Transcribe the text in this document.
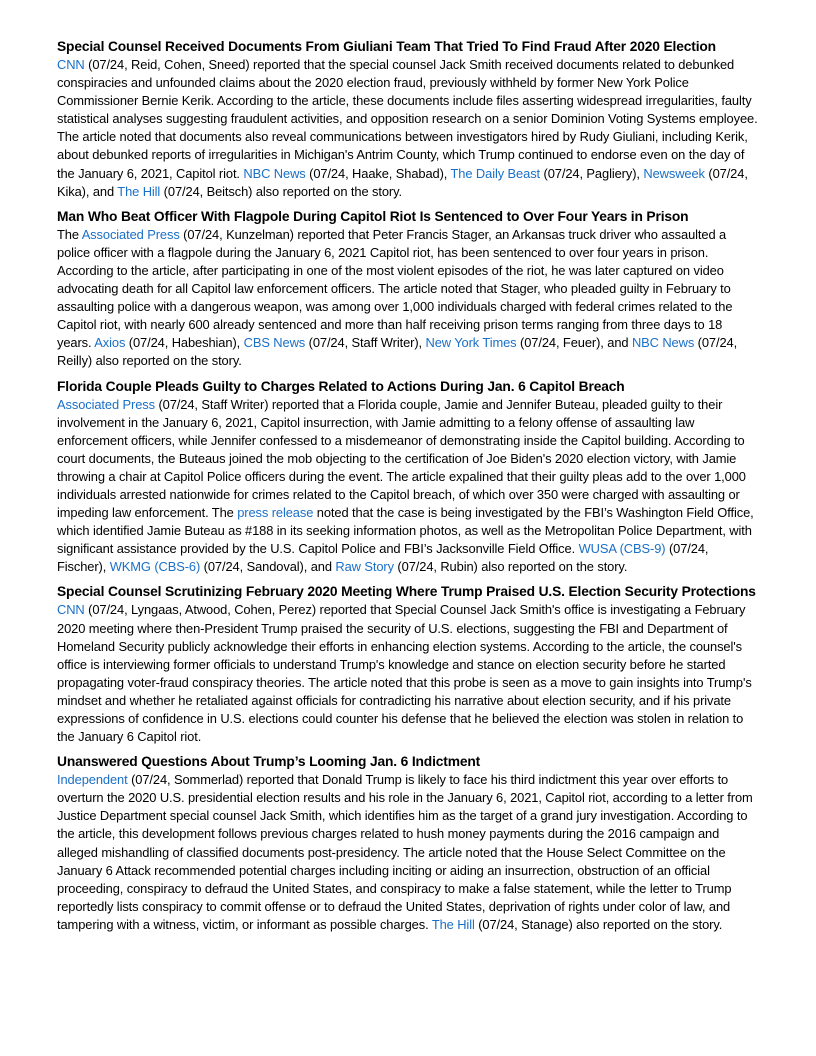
Special Counsel Received Documents From Giuliani Team That Tried To Find Fraud After 2020 Election
CNN (07/24, Reid, Cohen, Sneed) reported that the special counsel Jack Smith received documents related to debunked conspiracies and unfounded claims about the 2020 election fraud, previously withheld by former New York Police Commissioner Bernie Kerik. According to the article, these documents include files asserting widespread irregularities, faulty statistical analyses suggesting fraudulent activities, and opposition research on a senior Dominion Voting Systems employee. The article noted that documents also reveal communications between investigators hired by Rudy Giuliani, including Kerik, about debunked reports of irregularities in Michigan's Antrim County, which Trump continued to endorse even on the day of the January 6, 2021, Capitol riot. NBC News (07/24, Haake, Shabad), The Daily Beast (07/24, Pagliery), Newsweek (07/24, Kika), and The Hill (07/24, Beitsch) also reported on the story.
Man Who Beat Officer With Flagpole During Capitol Riot Is Sentenced to Over Four Years in Prison
The Associated Press (07/24, Kunzelman) reported that Peter Francis Stager, an Arkansas truck driver who assaulted a police officer with a flagpole during the January 6, 2021 Capitol riot, has been sentenced to over four years in prison. According to the article, after participating in one of the most violent episodes of the riot, he was later captured on video advocating death for all Capitol law enforcement officers. The article noted that Stager, who pleaded guilty in February to assaulting police with a dangerous weapon, was among over 1,000 individuals charged with federal crimes related to the Capitol riot, with nearly 600 already sentenced and more than half receiving prison terms ranging from three days to 18 years. Axios (07/24, Habeshian), CBS News (07/24, Staff Writer), New York Times (07/24, Feuer), and NBC News (07/24, Reilly) also reported on the story.
Florida Couple Pleads Guilty to Charges Related to Actions During Jan. 6 Capitol Breach
Associated Press (07/24, Staff Writer) reported that a Florida couple, Jamie and Jennifer Buteau, pleaded guilty to their involvement in the January 6, 2021, Capitol insurrection, with Jamie admitting to a felony offense of assaulting law enforcement officers, while Jennifer confessed to a misdemeanor of demonstrating inside the Capitol building. According to court documents, the Buteaus joined the mob objecting to the certification of Joe Biden's 2020 election victory, with Jamie throwing a chair at Capitol Police officers during the event. The article expalined that their guilty pleas add to the over 1,000 individuals arrested nationwide for crimes related to the Capitol breach, of which over 350 were charged with assaulting or impeding law enforcement. The press release noted that the case is being investigated by the FBI’s Washington Field Office, which identified Jamie Buteau as #188 in its seeking information photos, as well as the Metropolitan Police Department, with significant assistance provided by the U.S. Capitol Police and FBI’s Jacksonville Field Office. WUSA (CBS-9) (07/24, Fischer), WKMG (CBS-6) (07/24, Sandoval), and Raw Story (07/24, Rubin) also reported on the story.
Special Counsel Scrutinizing February 2020 Meeting Where Trump Praised U.S. Election Security Protections
CNN (07/24, Lyngaas, Atwood, Cohen, Perez) reported that Special Counsel Jack Smith's office is investigating a February 2020 meeting where then-President Trump praised the security of U.S. elections, suggesting the FBI and Department of Homeland Security publicly acknowledge their efforts in enhancing election systems. According to the article, the counsel's office is interviewing former officials to understand Trump's knowledge and stance on election security before he started propagating voter-fraud conspiracy theories. The article noted that this probe is seen as a move to gain insights into Trump's mindset and whether he retaliated against officials for contradicting his narrative about election security, and if his private expressions of confidence in U.S. elections could counter his defense that he believed the election was stolen in relation to the January 6 Capitol riot.
Unanswered Questions About Trump’s Looming Jan. 6 Indictment
Independent (07/24, Sommerlad) reported that Donald Trump is likely to face his third indictment this year over efforts to overturn the 2020 U.S. presidential election results and his role in the January 6, 2021, Capitol riot, according to a letter from Justice Department special counsel Jack Smith, which identifies him as the target of a grand jury investigation. According to the article, this development follows previous charges related to hush money payments during the 2016 campaign and alleged mishandling of classified documents post-presidency. The article noted that the House Select Committee on the January 6 Attack recommended potential charges including inciting or aiding an insurrection, obstruction of an official proceeding, conspiracy to defraud the United States, and conspiracy to make a false statement, while the letter to Trump reportedly lists conspiracy to commit offense or to defraud the United States, deprivation of rights under color of law, and tampering with a witness, victim, or informant as possible charges. The Hill (07/24, Stanage) also reported on the story.
